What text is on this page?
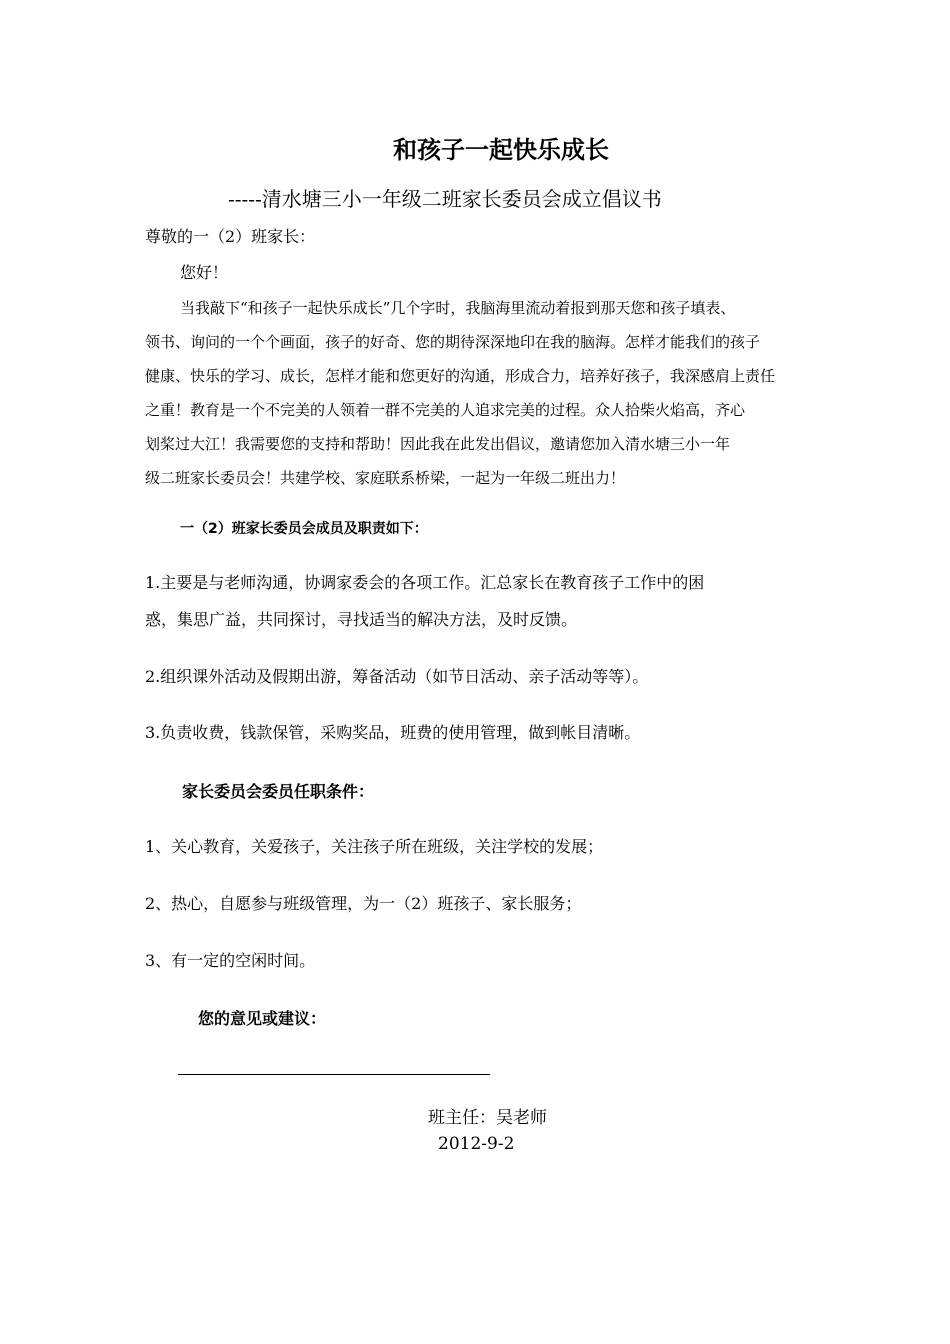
和孩子一起快乐成长
-----清水塘三小一年级二班家长委员会成立倡议书
尊敬的一（2）班家长：
您好！
当我敲下“和孩子一起快乐成长”几个字时，我脑海里流动着报到那天您和孩子填表、
领书、询问的一个个画面，孩子的好奇、您的期待深深地印在我的脑海。怎样才能我们的孩子
健康、快乐的学习、成长，怎样才能和您更好的沟通，形成合力，培养好孩子，我深感肩上责任
之重！教育是一个不完美的人领着一群不完美的人追求完美的过程。众人拾柴火焰高，齐心
划桨过大江！我需要您的支持和帮助！因此我在此发出倡议，邀请您加入清水塘三小一年
级二班家长委员会！共建学校、家庭联系桥梁，一起为一年级二班出力！
一（2）班家长委员会成员及职责如下：
1.主要是与老师沟通，协调家委会的各项工作。汇总家长在教育孩子工作中的困
惑，集思广益，共同探讨，寻找适当的解决方法，及时反馈。
2.组织课外活动及假期出游，筹备活动（如节日活动、亲子活动等等）。
3.负责收费，钱款保管，采购奖品，班费的使用管理，做到帐目清晰。
家长委员会委员任职条件：
1、关心教育，关爱孩子，关注孩子所在班级，关注学校的发展；
2、热心，自愿参与班级管理，为一（2）班孩子、家长服务；
3、有一定的空闲时间。
您的意见或建议：
班主任：吴老师
2012-9-2
